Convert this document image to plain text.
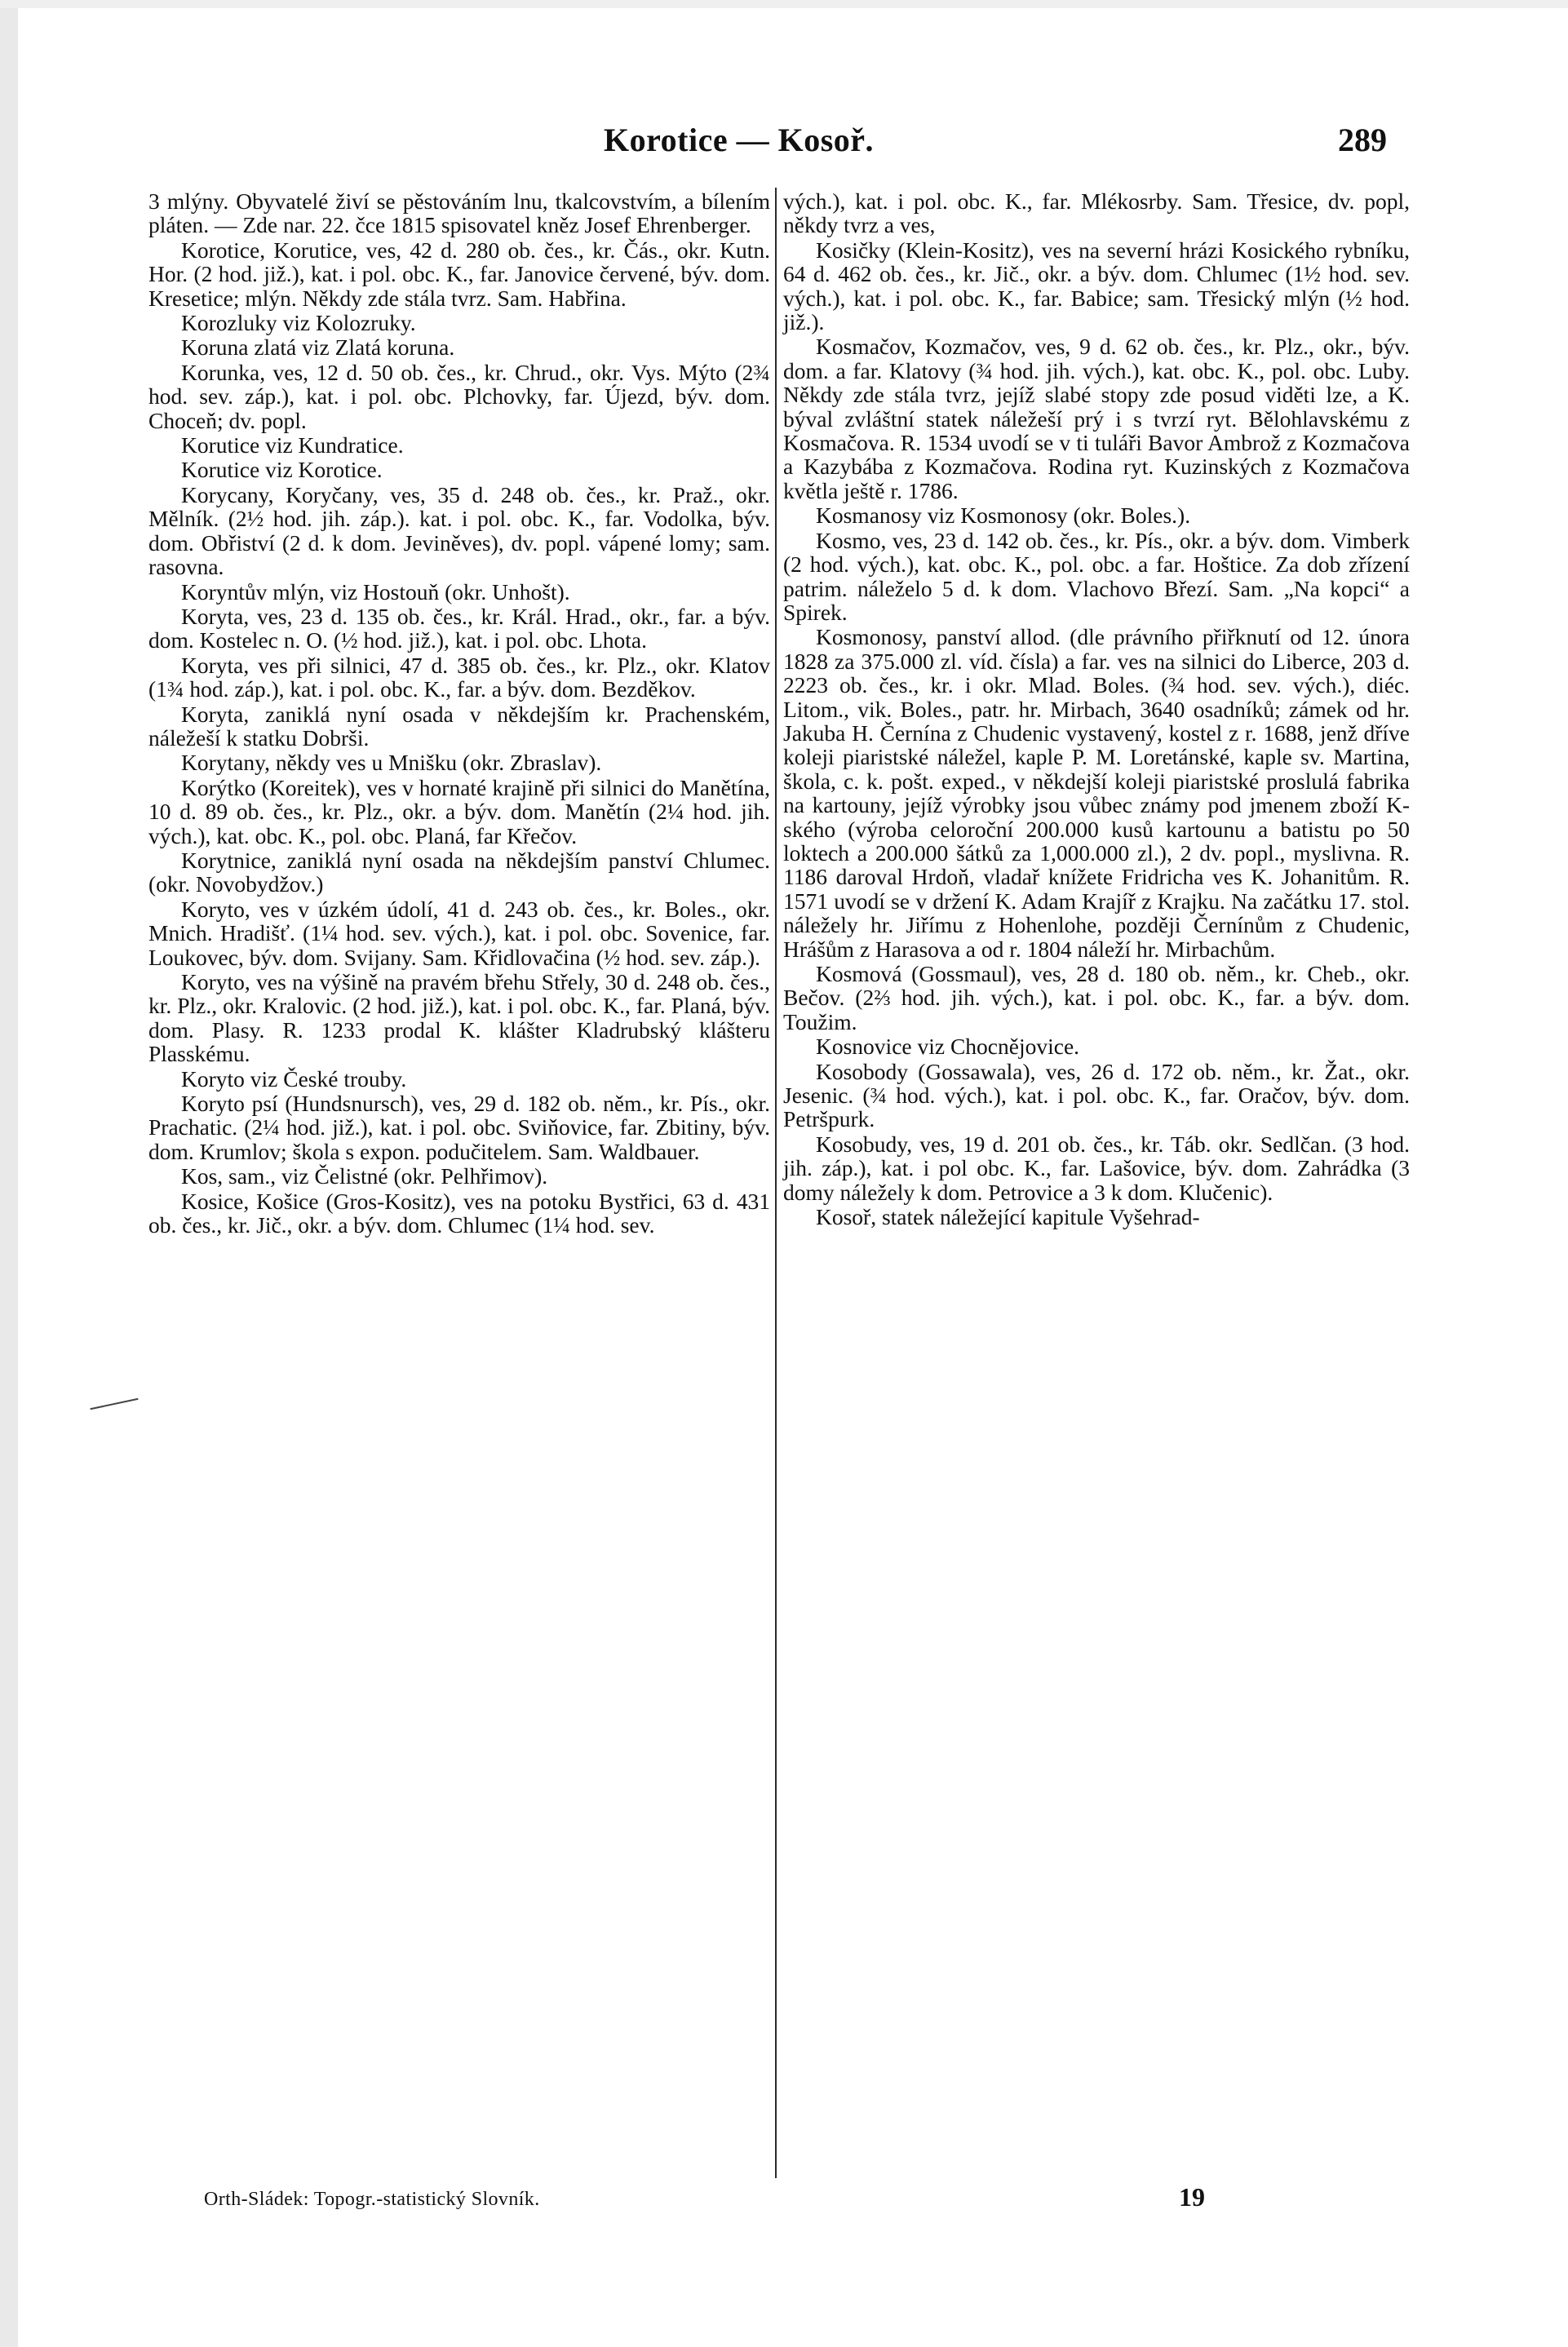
Korotice — Kosoř.	289

3 mlýny. Obyvatelé živí se pěstováním lnu, tkalcovstvím, a bílením pláten. — Zde nar. 22. čce 1815 spisovatel kněz Josef Ehrenberger.

Korotice, Korutice, ves, 42 d. 280 ob. čes., kr. Čás., okr. Kutn. Hor. (2 hod. již.), kat. i pol. obc. K., far. Janovice červené, býv. dom. Kresetice; mlýn. Někdy zde stála tvrz. Sam. Habřina.

Korozluky viz Kolozruky.

Koruna zlatá viz Zlatá koruna.

Korunka, ves, 12 d. 50 ob. čes., kr. Chrud., okr. Vys. Mýto (2¾ hod. sev. záp.), kat. i pol. obc. Plchovky, far. Újezd, býv. dom. Choceň; dv. popl.

Korutice viz Kundratice.

Korutice viz Korotice.

Korycany, Koryčany, ves, 35 d. 248 ob. čes., kr. Praž., okr. Mělník. (2½ hod. jih. záp.). kat. i pol. obc. K., far. Vodolka, býv. dom. Obřiství (2 d. k dom. Jeviněves), dv. popl. vápené lomy; sam. rasovna.

Koryntův mlýn, viz Hostouň (okr. Unhošt).

Koryta, ves, 23 d. 135 ob. čes., kr. Král. Hrad., okr., far. a býv. dom. Kostelec n. O. (½ hod. již.), kat. i pol. obc. Lhota.

Koryta, ves při silnici, 47 d. 385 ob. čes., kr. Plz., okr. Klatov (1¾ hod. záp.), kat. i pol. obc. K., far. a býv. dom. Bezděkov.

Koryta, zaniklá nyní osada v někdejším kr. Prachenském, náležeší k statku Dobrši.

Korytany, někdy ves u Mnišku (okr. Zbraslav).

Korýtko (Koreitek), ves v hornaté krajině při silnici do Manětína, 10 d. 89 ob. čes., kr. Plz., okr. a býv. dom. Manětín (2¼ hod. jih. vých.), kat. obc. K., pol. obc. Planá, far Křečov.

Korytnice, zaniklá nyní osada na někdejším panství Chlumec. (okr. Novobydžov.)

Koryto, ves v úzkém údolí, 41 d. 243 ob. čes., kr. Boles., okr. Mnich. Hradišť. (1¼ hod. sev. vých.), kat. i pol. obc. Sovenice, far. Loukovec, býv. dom. Svijany. Sam. Křidlovačina (½ hod. sev. záp.).

Koryto, ves na výšině na pravém břehu Střely, 30 d. 248 ob. čes., kr. Plz., okr. Kralovic. (2 hod. již.), kat. i pol. obc. K., far. Planá, býv. dom. Plasy. R. 1233 prodal K. klášter Kladrubský klášteru Plasskému.

Koryto viz České trouby.

Koryto psí (Hundsnursch), ves, 29 d. 182 ob. něm., kr. Pís., okr. Prachatic. (2¼ hod. již.), kat. i pol. obc. Sviňovice, far. Zbitiny, býv. dom. Krumlov; škola s expon. podučitelem. Sam. Waldbauer.

Kos, sam., viz Čelistné (okr. Pelhřimov).

Kosice, Košice (Gros-Kositz), ves na potoku Bystřici, 63 d. 431 ob. čes., kr. Jič., okr. a býv. dom. Chlumec (1¼ hod. sev.

vých.), kat. i pol. obc. K., far. Mlékosrby. Sam. Třesice, dv. popl, někdy tvrz a ves,

Kosičky (Klein-Kositz), ves na severní hrázi Kosického rybníku, 64 d. 462 ob. čes., kr. Jič., okr. a býv. dom. Chlumec (1½ hod. sev. vých.), kat. i pol. obc. K., far. Babice; sam. Třesický mlýn (½ hod. již.).

Kosmačov, Kozmačov, ves, 9 d. 62 ob. čes., kr. Plz., okr., býv. dom. a far. Klatovy (¾ hod. jih. vých.), kat. obc. K., pol. obc. Luby. Někdy zde stála tvrz, jejíž slabé stopy zde posud viděti lze, a K. býval zvláštní statek náležeší prý i s tvrzí ryt. Bělohlavskému z Kosmačova. R. 1534 uvodí se v ti tuláři Bavor Ambrož z Kozmačova a Kazybába z Kozmačova. Rodina ryt. Kuzinských z Kozmačova květla ještě r. 1786.

Kosmanosy viz Kosmonosy (okr. Boles.).

Kosmo, ves, 23 d. 142 ob. čes., kr. Pís., okr. a býv. dom. Vimberk (2 hod. vých.), kat. obc. K., pol. obc. a far. Hoštice. Za dob zřízení patrim. náleželo 5 d. k dom. Vlachovo Březí. Sam. „Na kopci“ a Spirek.

Kosmonosy, panství allod. (dle právního přiřknutí od 12. února 1828 za 375.000 zl. víd. čísla) a far. ves na silnici do Liberce, 203 d. 2223 ob. čes., kr. i okr. Mlad. Boles. (¾ hod. sev. vých.), diéc. Litom., vik. Boles., patr. hr. Mirbach, 3640 osadníků; zámek od hr. Jakuba H. Černína z Chudenic vystavený, kostel z r. 1688, jenž dříve koleji piaristské náležel, kaple P. M. Loretánské, kaple sv. Martina, škola, c. k. pošt. exped., v někdejší koleji piaristské proslulá fabrika na kartouny, jejíž výrobky jsou vůbec známy pod jmenem zboží K-ského (výroba celoroční 200.000 kusů kartounu a batistu po 50 loktech a 200.000 šátků za 1,000.000 zl.), 2 dv. popl., myslivna. R. 1186 daroval Hrdoň, vladař knížete Fridricha ves K. Johanitům. R. 1571 uvodí se v držení K. Adam Krajíř z Krajku. Na začátku 17. stol. náležely hr. Jiřímu z Hohenlohe, později Černínům z Chudenic, Hrášům z Harasova a od r. 1804 náleží hr. Mirbachům.

Kosmová (Gossmaul), ves, 28 d. 180 ob. něm., kr. Cheb., okr. Bečov. (2⅔ hod. jih. vých.), kat. i pol. obc. K., far. a býv. dom. Toužim.

Kosnovice viz Chocnějovice.

Kosobody (Gossawala), ves, 26 d. 172 ob. něm., kr. Žat., okr. Jesenic. (¾ hod. vých.), kat. i pol. obc. K., far. Oračov, býv. dom. Petršpurk.

Kosobudy, ves, 19 d. 201 ob. čes., kr. Táb. okr. Sedlčan. (3 hod. jih. záp.), kat. i pol obc. K., far. Lašovice, býv. dom. Zahrádka (3 domy náležely k dom. Petrovice a 3 k dom. Klučenic).

Kosoř, statek náležející kapitule Vyšehrad-

Orth-Sládek: Topogr.-statistický Slovník.	19
